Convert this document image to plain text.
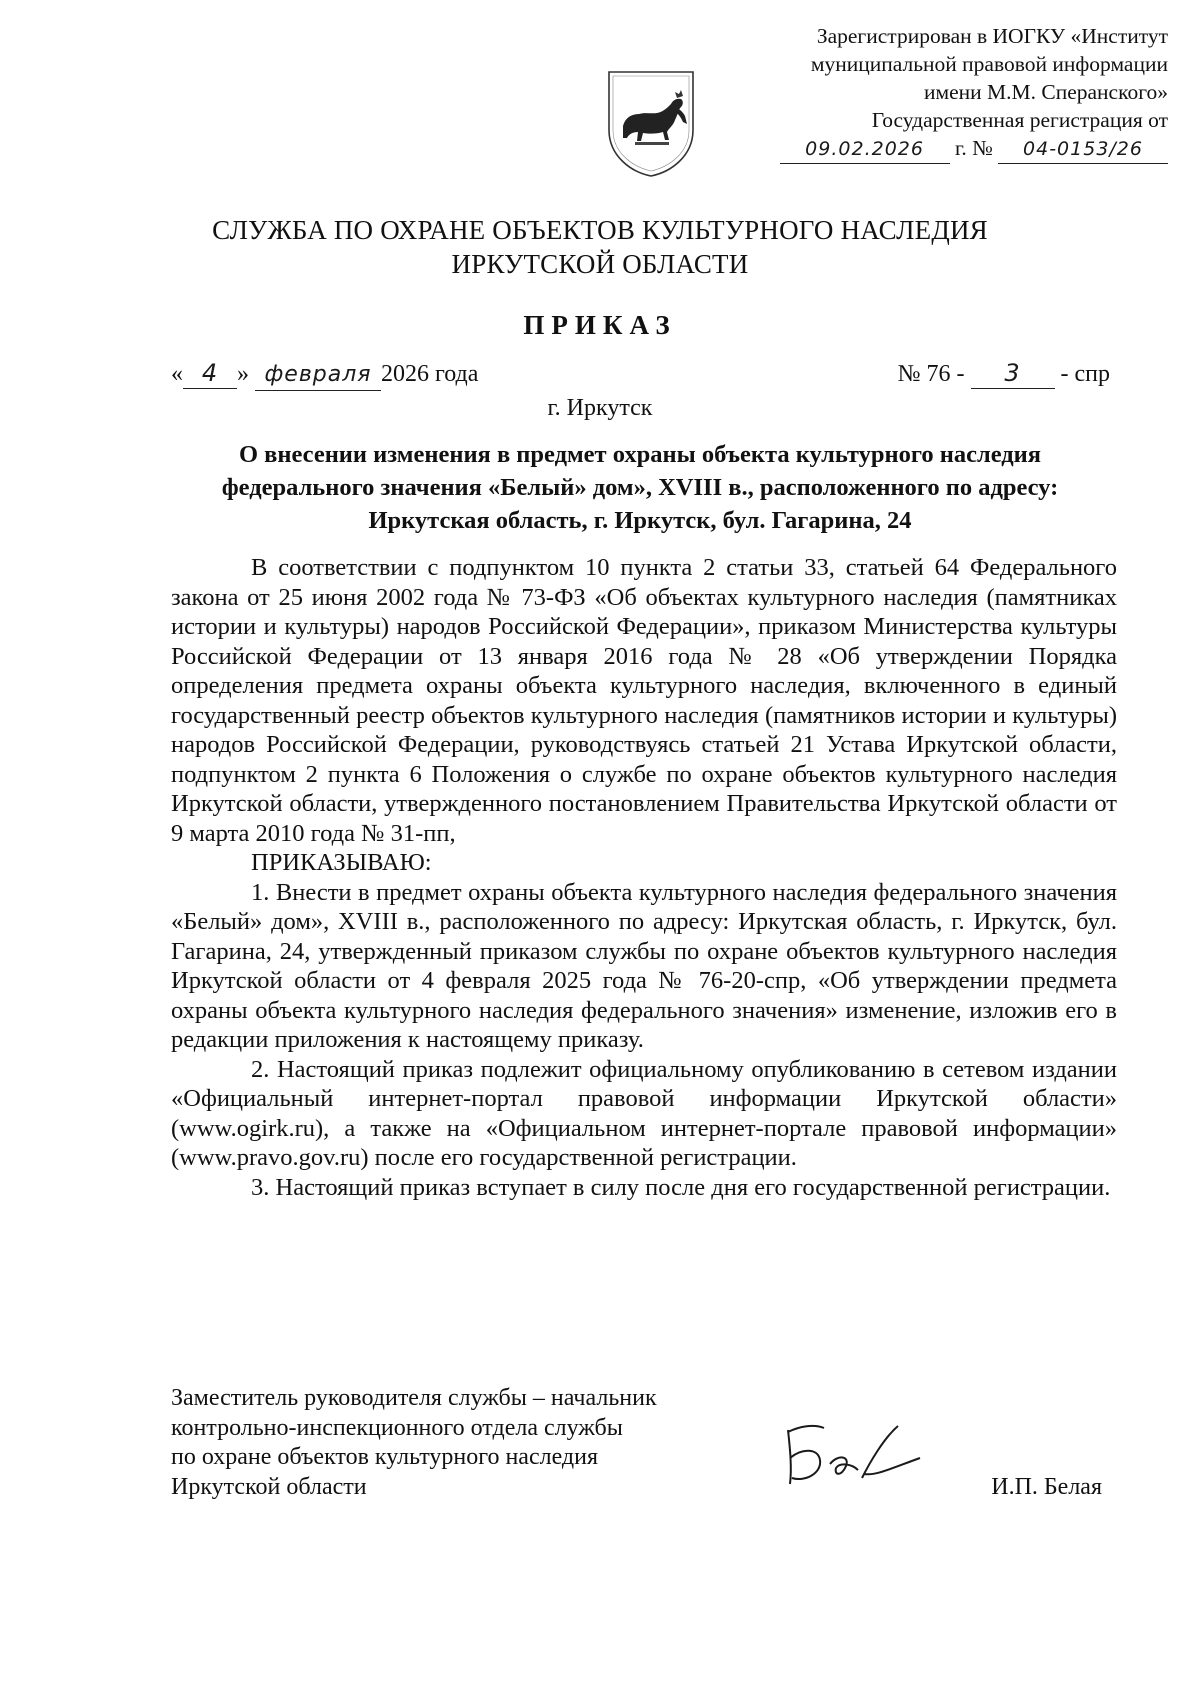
Зарегистрирован в ИОГКУ «Институт
муниципальной правовой информации
имени М.М. Сперанского»
Государственная регистрация от
09.02.2026 г. № 04-0153/26
СЛУЖБА ПО ОХРАНЕ ОБЪЕКТОВ КУЛЬТУРНОГО НАСЛЕДИЯ
ИРКУТСКОЙ ОБЛАСТИ
ПРИКАЗ
« 4 » февраля 2026 года	№ 76 - 3 - спр
г. Иркутск
О внесении изменения в предмет охраны объекта культурного наследия
федерального значения «Белый» дом», XVIII в., расположенного по адресу:
Иркутская область, г. Иркутск, бул. Гагарина, 24

В соответствии с подпунктом 10 пункта 2 статьи 33, статьей 64 Федерального закона от 25 июня 2002 года № 73-ФЗ «Об объектах культурного наследия (памятниках истории и культуры) народов Российской Федерации», приказом Министерства культуры Российской Федерации от 13 января 2016 года № 28 «Об утверждении Порядка определения предмета охраны объекта культурного наследия, включенного в единый государственный реестр объектов культурного наследия (памятников истории и культуры) народов Российской Федерации, руководствуясь статьей 21 Устава Иркутской области, подпунктом 2 пункта 6 Положения о службе по охране объектов культурного наследия Иркутской области, утвержденного постановлением Правительства Иркутской области от 9 марта 2010 года № 31-пп,

ПРИКАЗЫВАЮ:

1. Внести в предмет охраны объекта культурного наследия федерального значения «Белый» дом», XVIII в., расположенного по адресу: Иркутская область, г. Иркутск, бул. Гагарина, 24, утвержденный приказом службы по охране объектов культурного наследия Иркутской области от 4 февраля 2025 года № 76-20-спр, «Об утверждении предмета охраны объекта культурного наследия федерального значения» изменение, изложив его в редакции приложения к настоящему приказу.

2. Настоящий приказ подлежит официальному опубликованию в сетевом издании «Официальный интернет-портал правовой информации Иркутской области» (www.ogirk.ru), а также на «Официальном интернет-портале правовой информации» (www.pravo.gov.ru) после его государственной регистрации.

3. Настоящий приказ вступает в силу после дня его государственной регистрации.

Заместитель руководителя службы – начальник
контрольно-инспекционного отдела службы
по охране объектов культурного наследия
Иркутской области	И.П. Белая
